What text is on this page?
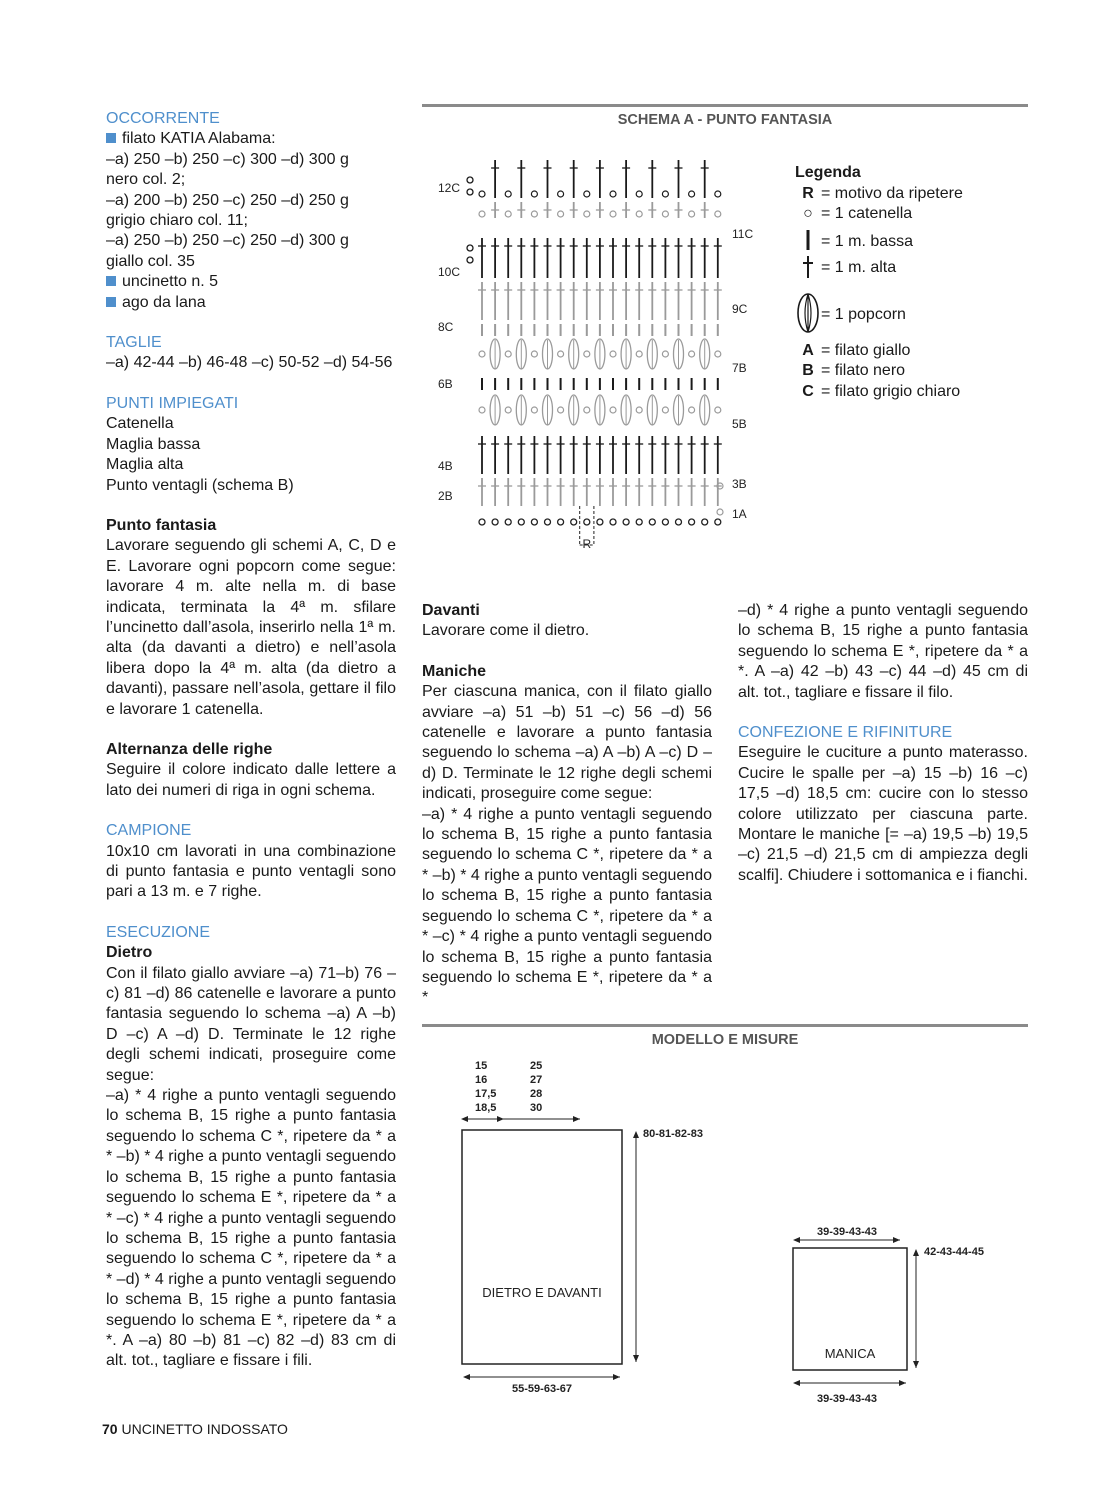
OCCORRENTE

filato KATIA Alabama:

–a) 250 –b) 250 –c) 300 –d) 300 g

nero col. 2;

–a) 200 –b) 250 –c) 250 –d) 250 g

grigio chiaro col. 11;

–a) 250 –b) 250 –c) 250 –d) 300 g

giallo col. 35

uncinetto n. 5

ago da lana

TAGLIE

–a) 42-44 –b) 46-48 –c) 50-52 –d) 54-56

PUNTI IMPIEGATI

Catenella

Maglia bassa

Maglia alta

Punto ventagli (schema B)

Punto fantasia

Lavorare seguendo gli schemi A, C, D e E. Lavorare ogni popcorn come segue: lavorare 4 m. alte nella m. di base indicata, terminata la 4ª m. sfilare l’uncinetto dall’asola, inserirlo nella 1ª m. alta (da davanti a dietro) e nell’asola libera dopo la 4ª m. alta (da dietro a davanti), passare nell’asola, gettare il filo e lavorare 1 catenella.

Alternanza delle righe

Seguire il colore indicato dalle lettere a lato dei numeri di riga in ogni schema.

CAMPIONE

10x10 cm lavorati in una combinazione di punto fantasia e punto ventagli sono pari a 13 m. e 7 righe.

ESECUZIONE

Dietro

Con il filato giallo avviare –a) 71–b) 76 –c) 81 –d) 86 catenelle e lavorare a punto fantasia seguendo lo schema –a) A –b) D –c) A –d) D. Terminate le 12 righe degli schemi indicati, proseguire come segue:

–a) * 4 righe a punto ventagli seguendo lo schema B, 15 righe a punto fantasia seguendo lo schema C *, ripetere da * a * –b) * 4 righe a punto ventagli seguendo lo schema B, 15 righe a punto fantasia seguendo lo schema E *, ripetere da * a * –c) * 4 righe a punto ventagli seguendo lo schema B, 15 righe a punto fantasia seguendo lo schema C *, ripetere da * a * –d) * 4 righe a punto ventagli seguendo lo schema B, 15 righe a punto fantasia seguendo lo schema E *, ripetere da * a *. A –a) 80 –b) 81 –c) 82 –d) 83 cm di alt. tot., tagliare e fissare i fili.

SCHEMA A - PUNTO FANTASIA
R
12C
10C
8C
6B
4B
2B
11C
9C
7B
5B
3B
1A

Legenda

R = motivo da ripetere
○ = 1 catenella
= 1 m. bassa
= 1 m. alta
= 1 popcorn
A = filato giallo
B = filato nero
C = filato grigio chiaro

Davanti

Lavorare come il dietro.

Maniche

Per ciascuna manica, con il filato giallo avviare –a) 51 –b) 51 –c) 56 –d) 56 catenelle e lavorare a punto fantasia seguendo lo schema –a) A –b) A –c) D –d) D. Terminate le 12 righe degli schemi indicati, proseguire come segue:

–a) * 4 righe a punto ventagli seguendo lo schema B, 15 righe a punto fantasia seguendo lo schema C *, ripetere da * a * –b) * 4 righe a punto ventagli seguendo lo schema B, 15 righe a punto fantasia seguendo lo schema C *, ripetere da * a * –c) * 4 righe a punto ventagli seguendo lo schema B, 15 righe a punto fantasia seguendo lo schema E *, ripetere da * a *

–d) * 4 righe a punto ventagli seguendo lo schema B, 15 righe a punto fantasia seguendo lo schema E *, ripetere da * a *. A –a) 42 –b) 43 –c) 44 –d) 45 cm di alt. tot., tagliare e fissare il filo.

CONFEZIONE E RIFINITURE

Eseguire le cuciture a punto materasso. Cucire le spalle per –a) 15 –b) 16 –c) 17,5 –d) 18,5 cm: cucire con lo stesso colore utilizzato per ciascuna parte. Montare le maniche [= –a) 19,5 –b) 19,5 –c) 21,5 –d) 21,5 cm di ampiezza degli scalfi]. Chiudere i sottomanica e i fianchi.

MODELLO E MISURE
15
16
17,5
18,5
25
27
28
30
DIETRO E DAVANTI
80-81-82-83
55-59-63-67
39-39-43-43
MANICA
42-43-44-45
39-39-43-43
70 UNCINETTO INDOSSATO
